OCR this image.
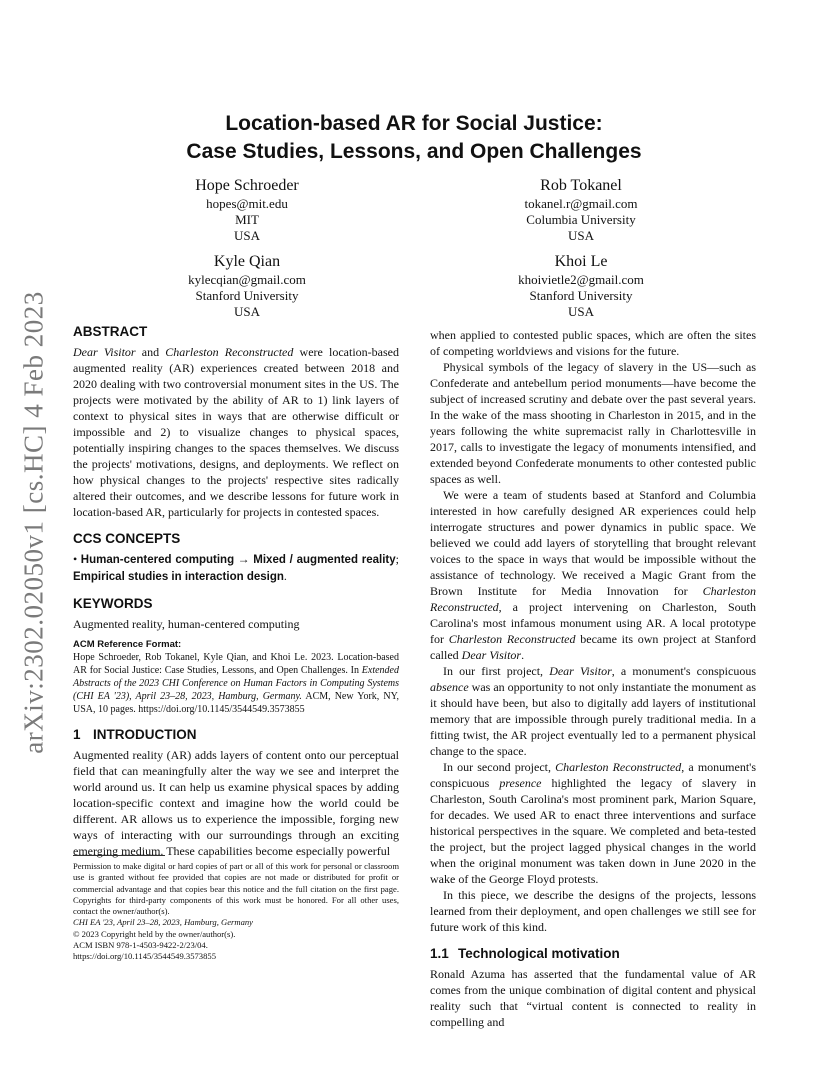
arXiv:2302.02050v1 [cs.HC] 4 Feb 2023
Location-based AR for Social Justice:
Case Studies, Lessons, and Open Challenges
Hope Schroeder
hopes@mit.edu
MIT
USA
Rob Tokanel
tokanel.r@gmail.com
Columbia University
USA
Kyle Qian
kylecqian@gmail.com
Stanford University
USA
Khoi Le
khoivietle2@gmail.com
Stanford University
USA
ABSTRACT

Dear Visitor and Charleston Reconstructed were location-based augmented reality (AR) experiences created between 2018 and 2020 dealing with two controversial monument sites in the US. The projects were motivated by the ability of AR to 1) link layers of context to physical sites in ways that are otherwise difficult or impossible and 2) to visualize changes to physical spaces, potentially inspiring changes to the spaces themselves. We discuss the projects' motivations, designs, and deployments. We reflect on how physical changes to the projects' respective sites radically altered their outcomes, and we describe lessons for future work in location-based AR, particularly for projects in contested spaces.

CCS CONCEPTS

• Human-centered computing → Mixed / augmented reality; Empirical studies in interaction design.

KEYWORDS

Augmented reality, human-centered computing

ACM Reference Format:

Hope Schroeder, Rob Tokanel, Kyle Qian, and Khoi Le. 2023. Location-based AR for Social Justice: Case Studies, Lessons, and Open Challenges. In Extended Abstracts of the 2023 CHI Conference on Human Factors in Computing Systems (CHI EA '23), April 23–28, 2023, Hamburg, Germany. ACM, New York, NY, USA, 10 pages. https://doi.org/10.1145/3544549.3573855

1 INTRODUCTION

Augmented reality (AR) adds layers of content onto our perceptual field that can meaningfully alter the way we see and interpret the world around us. It can help us examine physical spaces by adding location-specific context and imagine how the world could be different. AR allows us to experience the impossible, forging new ways of interacting with our surroundings through an exciting emerging medium. These capabilities become especially powerful

Permission to make digital or hard copies of part or all of this work for personal or classroom use is granted without fee provided that copies are not made or distributed for profit or commercial advantage and that copies bear this notice and the full citation on the first page. Copyrights for third-party components of this work must be honored. For all other uses, contact the owner/author(s).
CHI EA '23, April 23–28, 2023, Hamburg, Germany
© 2023 Copyright held by the owner/author(s).
ACM ISBN 978-1-4503-9422-2/23/04.
https://doi.org/10.1145/3544549.3573855

when applied to contested public spaces, which are often the sites of competing worldviews and visions for the future.

Physical symbols of the legacy of slavery in the US—such as Confederate and antebellum period monuments—have become the subject of increased scrutiny and debate over the past several years. In the wake of the mass shooting in Charleston in 2015, and in the years following the white supremacist rally in Charlottesville in 2017, calls to investigate the legacy of monuments intensified, and extended beyond Confederate monuments to other contested public spaces as well.

We were a team of students based at Stanford and Columbia interested in how carefully designed AR experiences could help interrogate structures and power dynamics in public space. We believed we could add layers of storytelling that brought relevant voices to the space in ways that would be impossible without the assistance of technology. We received a Magic Grant from the Brown Institute for Media Innovation for Charleston Reconstructed, a project intervening on Charleston, South Carolina's most infamous monument using AR. A local prototype for Charleston Reconstructed became its own project at Stanford called Dear Visitor.

In our first project, Dear Visitor, a monument's conspicuous absence was an opportunity to not only instantiate the monument as it should have been, but also to digitally add layers of institutional memory that are impossible through purely traditional media. In a fitting twist, the AR project eventually led to a permanent physical change to the space.

In our second project, Charleston Reconstructed, a monument's conspicuous presence highlighted the legacy of slavery in Charleston, South Carolina's most prominent park, Marion Square, for decades. We used AR to enact three interventions and surface historical perspectives in the square. We completed and beta-tested the project, but the project lagged physical changes in the world when the original monument was taken down in June 2020 in the wake of the George Floyd protests.

In this piece, we describe the designs of the projects, lessons learned from their deployment, and open challenges we still see for future work of this kind.

1.1 Technological motivation

Ronald Azuma has asserted that the fundamental value of AR comes from the unique combination of digital content and physical reality such that “virtual content is connected to reality in compelling and
